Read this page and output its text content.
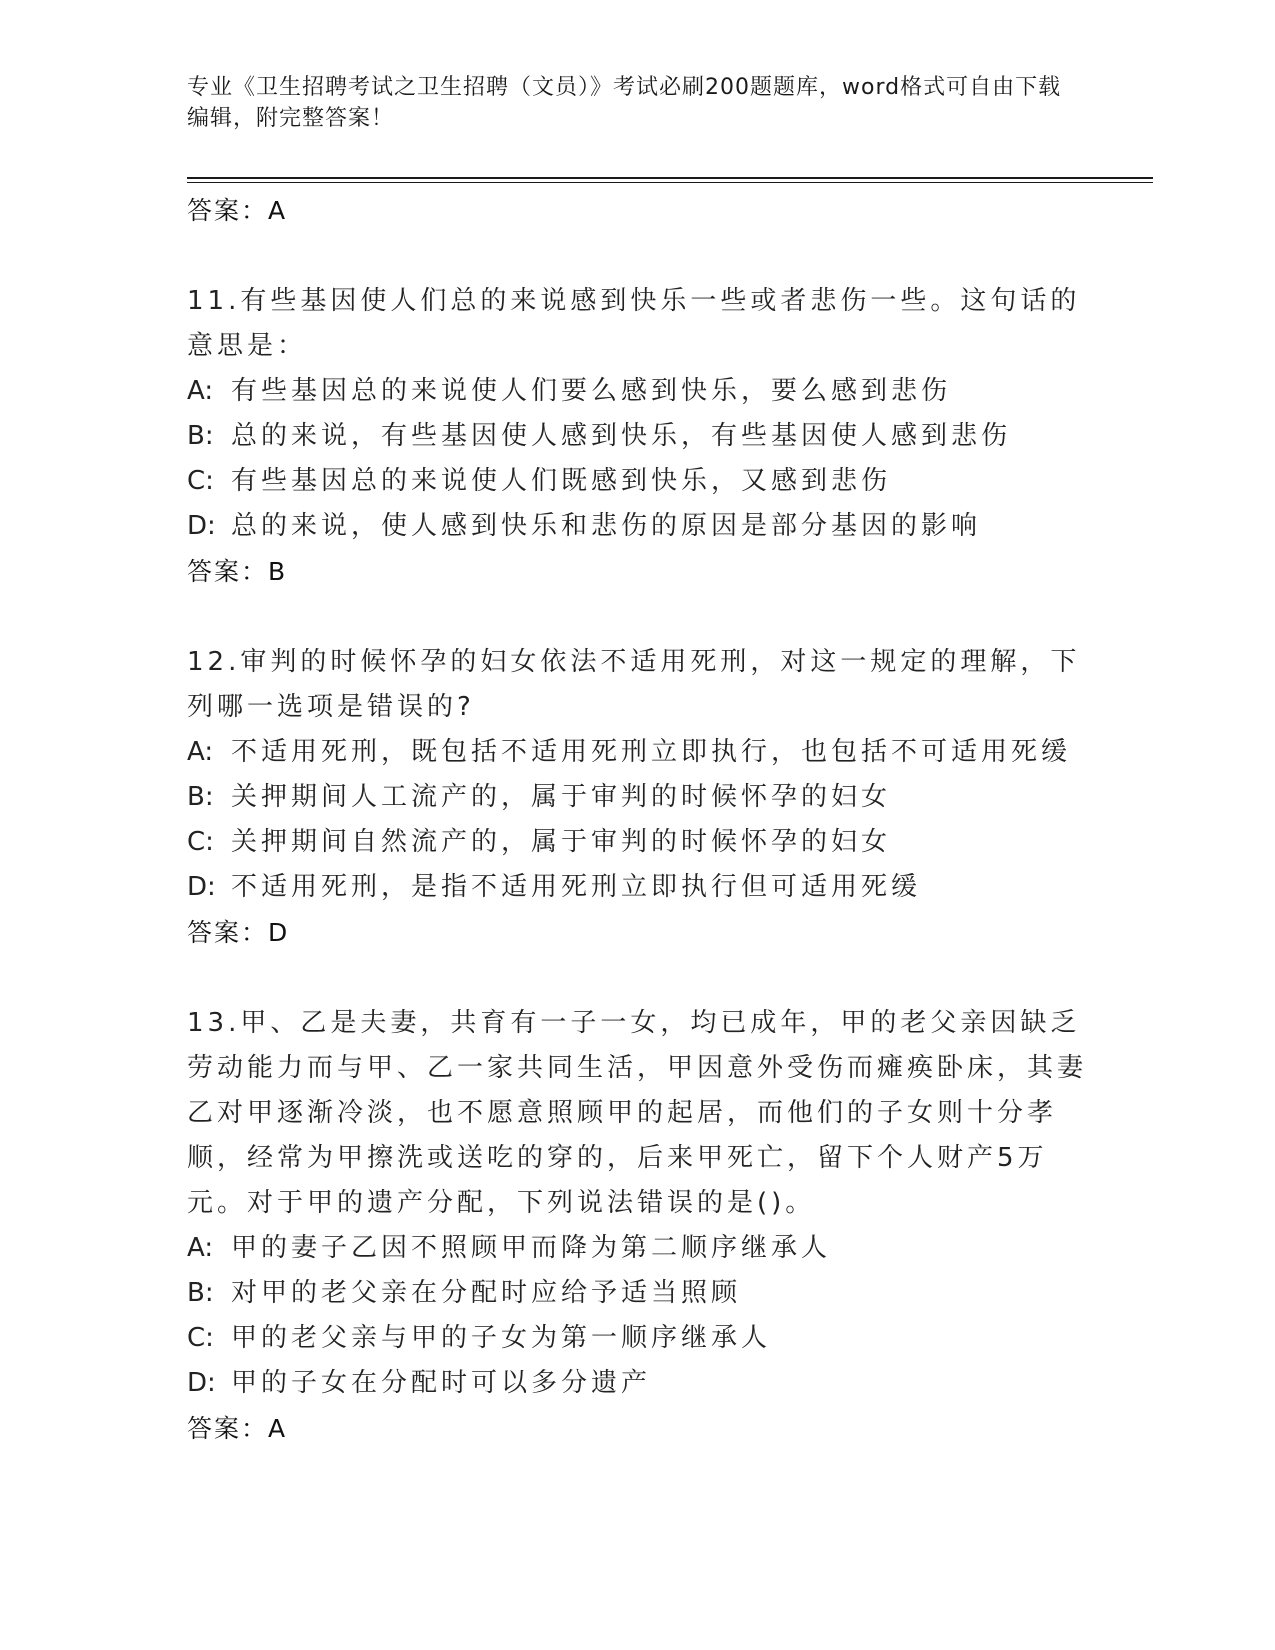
专业《卫生招聘考试之卫生招聘（文员）》考试必刷200题题库，word格式可自由下载编辑，附完整答案！

答案：A

11.有些基因使人们总的来说感到快乐一些或者悲伤一些。这句话的意思是：

A: 有些基因总的来说使人们要么感到快乐，要么感到悲伤

B: 总的来说，有些基因使人感到快乐，有些基因使人感到悲伤

C: 有些基因总的来说使人们既感到快乐，又感到悲伤

D: 总的来说，使人感到快乐和悲伤的原因是部分基因的影响

答案：B

12.审判的时候怀孕的妇女依法不适用死刑，对这一规定的理解，下列哪一选项是错误的?

A: 不适用死刑，既包括不适用死刑立即执行，也包括不可适用死缓

B: 关押期间人工流产的，属于审判的时候怀孕的妇女

C: 关押期间自然流产的，属于审判的时候怀孕的妇女

D: 不适用死刑，是指不适用死刑立即执行但可适用死缓

答案：D

13.甲、乙是夫妻，共育有一子一女，均已成年，甲的老父亲因缺乏劳动能力而与甲、乙一家共同生活，甲因意外受伤而瘫痪卧床，其妻乙对甲逐渐冷淡，也不愿意照顾甲的起居，而他们的子女则十分孝顺，经常为甲擦洗或送吃的穿的，后来甲死亡，留下个人财产5万元。对于甲的遗产分配，下列说法错误的是()。

A: 甲的妻子乙因不照顾甲而降为第二顺序继承人

B: 对甲的老父亲在分配时应给予适当照顾

C: 甲的老父亲与甲的子女为第一顺序继承人

D: 甲的子女在分配时可以多分遗产

答案：A
